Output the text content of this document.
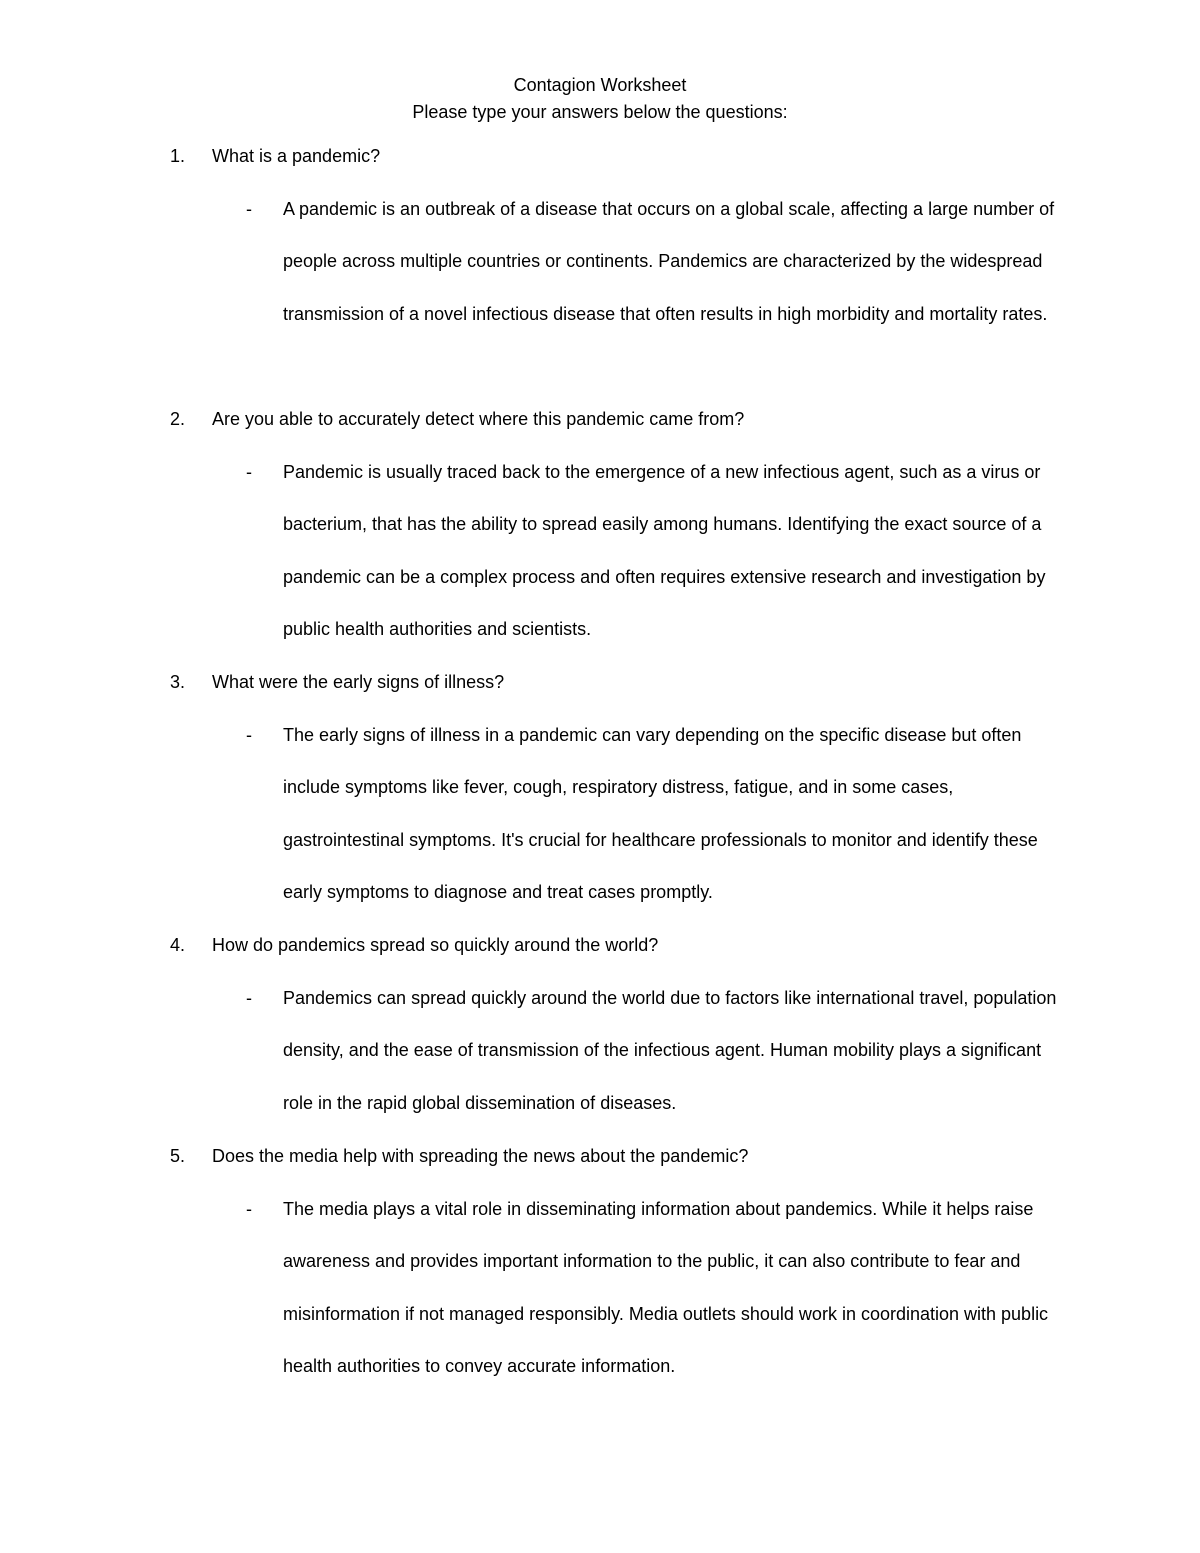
Contagion Worksheet
Please type your answers below the questions:
1.	What is a pandemic?
- A pandemic is an outbreak of a disease that occurs on a global scale, affecting a large number of people across multiple countries or continents. Pandemics are characterized by the widespread transmission of a novel infectious disease that often results in high morbidity and mortality rates.
2.	Are you able to accurately detect where this pandemic came from?
- Pandemic is usually traced back to the emergence of a new infectious agent, such as a virus or bacterium, that has the ability to spread easily among humans. Identifying the exact source of a pandemic can be a complex process and often requires extensive research and investigation by public health authorities and scientists.
3.	What were the early signs of illness?
- The early signs of illness in a pandemic can vary depending on the specific disease but often include symptoms like fever, cough, respiratory distress, fatigue, and in some cases, gastrointestinal symptoms. It's crucial for healthcare professionals to monitor and identify these early symptoms to diagnose and treat cases promptly.
4.	How do pandemics spread so quickly around the world?
- Pandemics can spread quickly around the world due to factors like international travel, population density, and the ease of transmission of the infectious agent. Human mobility plays a significant role in the rapid global dissemination of diseases.
5.	Does the media help with spreading the news about the pandemic?
- The media plays a vital role in disseminating information about pandemics. While it helps raise awareness and provides important information to the public, it can also contribute to fear and misinformation if not managed responsibly. Media outlets should work in coordination with public health authorities to convey accurate information.
